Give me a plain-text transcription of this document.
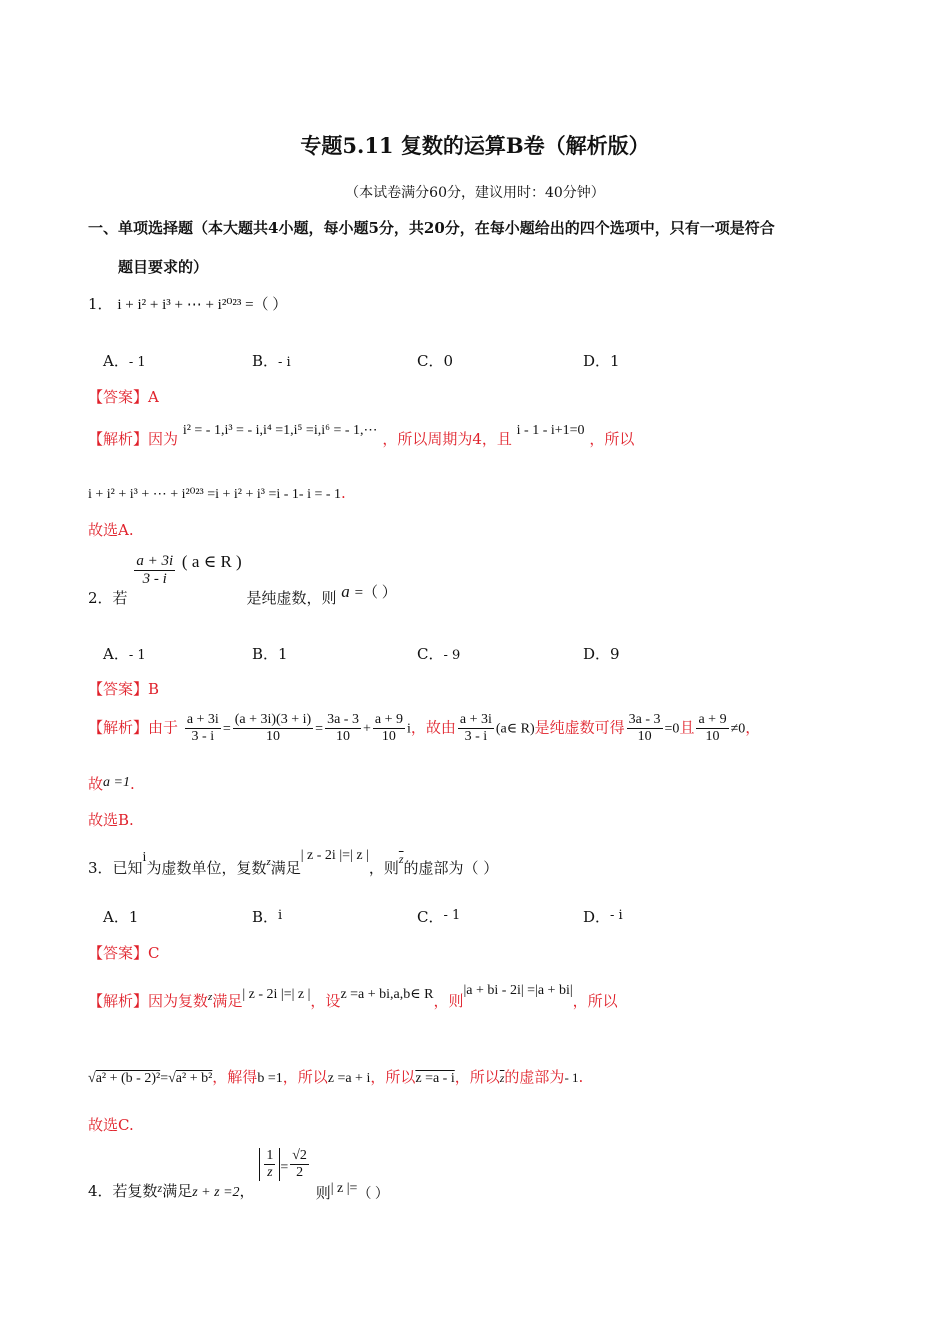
专题5.11 复数的运算B卷（解析版）
（本试卷满分60分，建议用时：40分钟）
一、单项选择题（本大题共4小题，每小题5分，共20分，在每小题给出的四个选项中，只有一项是符合
题目要求的）
1． i + i² + i³ + ⋯ + i²⁰²³ =（ ）
A．- 1	B．- i	C．0	D．1
【答案】A
【解析】因为 i² = - 1,i³ = - i,i⁴ =1,i⁵ =i,i⁶ = - 1,⋯ ，所以周期为4，且 i - 1 - i+1=0 ，所以
i + i² + i³ + ⋯ + i²⁰²³ =i + i² + i³ =i - 1- i = - 1.
故选A.
2．若
$\frac{a + 3i}{3 - i}$ ( a ∈ R ) 是纯虚数，则 a =（ ）
A．- 1	B．1	C．- 9	D．9
【答案】B
【解析】由于 $\frac{a + 3i}{3 - i} = \frac{(a + 3i)(3 + i)}{10} = \frac{3a - 3}{10} + \frac{a + 9}{10}$ i，故由 $\frac{a + 3i}{3 - i}$ (a∈ R)是纯虚数可得 $\frac{3a - 3}{10} =0$且 $\frac{a + 9}{10} \ne 0$，
故a =1.
故选B.
3．已知i为虚数单位，复数$^z$满足| z - 2i |=| z |，则$^{\overline{z}}$的虚部为（ ）
A．1	B．i	C．- 1	D．- i
【答案】C
【解析】因为复数$^z$满足| z - 2i |=| z |，设z =a + bi,a,b∈ R，则|a + bi - 2i| =|a + bi|，所以
√a² + (b - 2)²=√a² + b²，解得b =1，所以z =a + i，所以z =a - i，所以$\overline{z}$的虚部为- 1.
故选C.
4．若复数$_z$满足z + z =2，
$\frac{1}{z} = \frac{√2}{2}$
则| z |=（ ）
